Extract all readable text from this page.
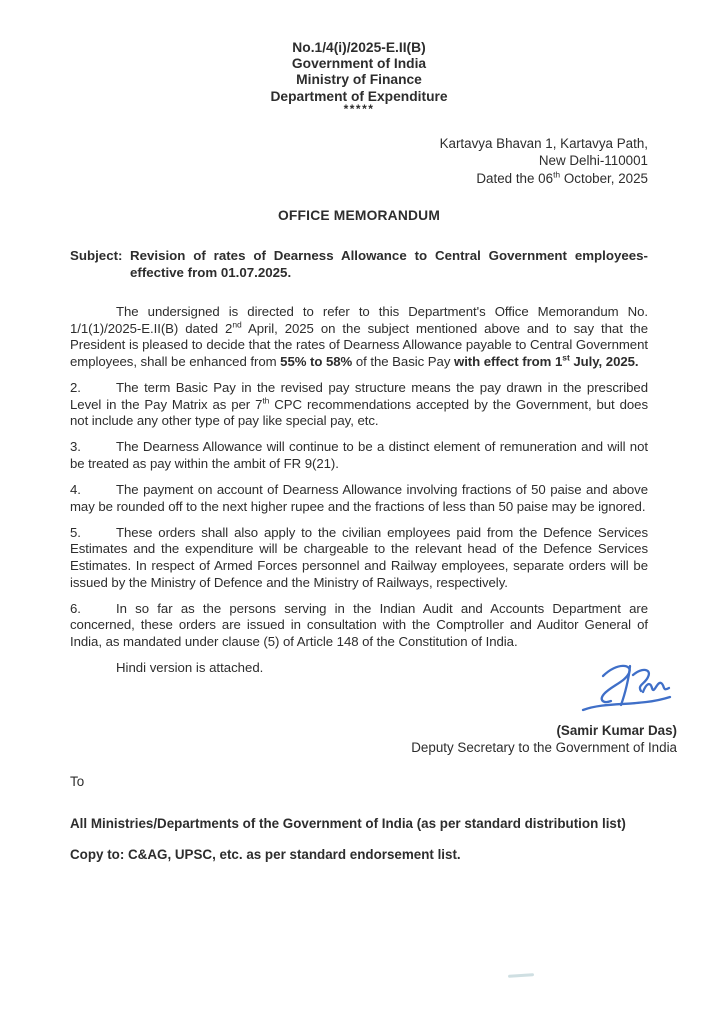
No.1/4(i)/2025-E.II(B)
Government of India
Ministry of Finance
Department of Expenditure
*****
Kartavya Bhavan 1, Kartavya Path,
New Delhi-110001
Dated the 06th October, 2025
OFFICE MEMORANDUM
Subject: Revision of rates of Dearness Allowance to Central Government employees-
effective from 01.07.2025.

The undersigned is directed to refer to this Department's Office Memorandum No. 1/1(1)/2025-E.II(B) dated 2nd April, 2025 on the subject mentioned above and to say that the President is pleased to decide that the rates of Dearness Allowance payable to Central Government employees, shall be enhanced from 55% to 58% of the Basic Pay with effect from 1st July, 2025.

2.	The term Basic Pay in the revised pay structure means the pay drawn in the prescribed Level in the Pay Matrix as per 7th CPC recommendations accepted by the Government, but does not include any other type of pay like special pay, etc.

3.	The Dearness Allowance will continue to be a distinct element of remuneration and will not be treated as pay within the ambit of FR 9(21).

4.	The payment on account of Dearness Allowance involving fractions of 50 paise and above may be rounded off to the next higher rupee and the fractions of less than 50 paise may be ignored.

5.	These orders shall also apply to the civilian employees paid from the Defence Services Estimates and the expenditure will be chargeable to the relevant head of the Defence Services Estimates. In respect of Armed Forces personnel and Railway employees, separate orders will be issued by the Ministry of Defence and the Ministry of Railways, respectively.

6.	In so far as the persons serving in the Indian Audit and Accounts Department are concerned, these orders are issued in consultation with the Comptroller and Auditor General of India, as mandated under clause (5) of Article 148 of the Constitution of India.

Hindi version is attached.

(Samir Kumar Das)
Deputy Secretary to the Government of India
To
All Ministries/Departments of the Government of India (as per standard distribution list)
Copy to: C&AG, UPSC, etc. as per standard endorsement list.
